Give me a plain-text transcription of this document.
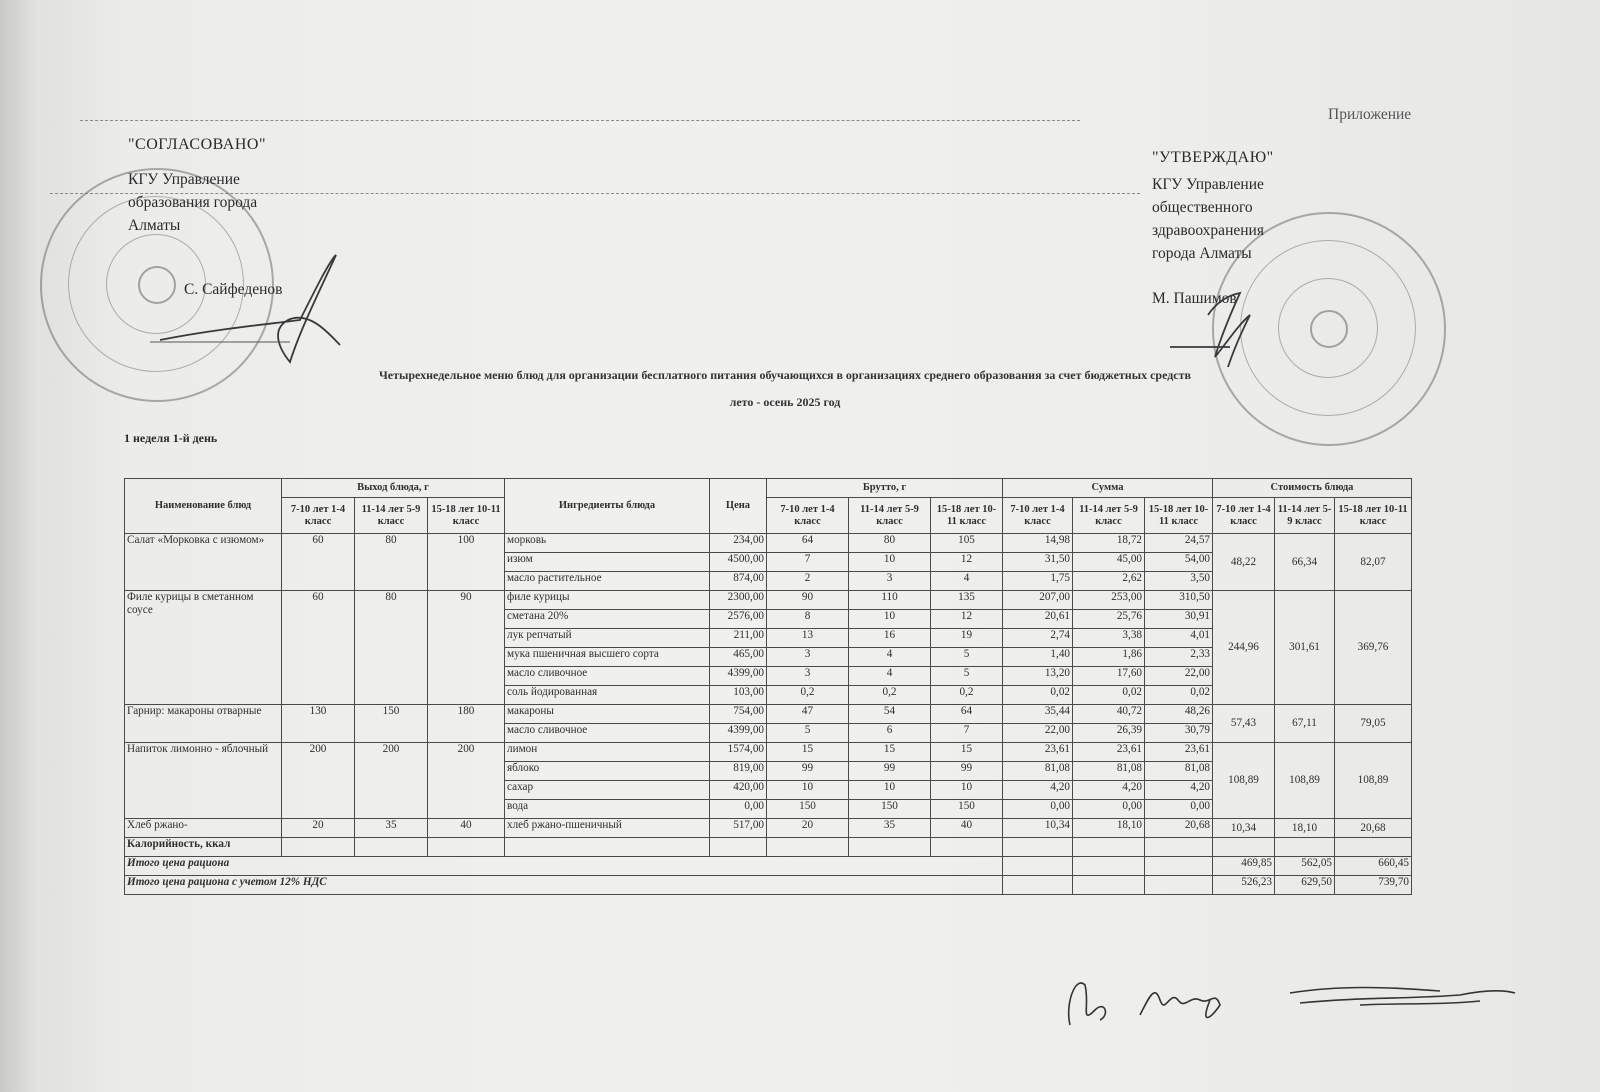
Приложение
"СОГЛАСОВАНО"
КГУ Управление
образования города
Алматы
С. Сайфеденов
"УТВЕРЖДАЮ"
КГУ Управление
общественного
здравоохранения
города Алматы
М. Пашимов
Четырехнедельное меню блюд для организации бесплатного питания обучающихся в организациях среднего образования за счет бюджетных средств
лето - осень 2025 год
1 неделя 1-й день
Наименование блюд	Выход блюда, г			Ингредиенты блюда	Цена	Брутто, г			Сумма			Стоимость блюда		
	7-10 лет 1-4 класс	11-14 лет 5-9 класс	15-18 лет 10-11 класс			7-10 лет 1-4 класс	11-14 лет 5-9 класс	15-18 лет 10-11 класс	7-10 лет 1-4 класс	11-14 лет 5-9 класс	15-18 лет 10-11 класс	7-10 лет 1-4 класс	11-14 лет 5-9 класс	15-18 лет 10-11 класс
Салат «Морковка с изюмом»	60	80	100	морковь	234,00	64	80	105	14,98	18,72	24,57	48,22	66,34	82,07
				изюм	4500,00	7	10	12	31,50	45,00	54,00			
				масло растительное	874,00	2	3	4	1,75	2,62	3,50			
Филе курицы в сметанном соусе	60	80	90	филе курицы	2300,00	90	110	135	207,00	253,00	310,50	244,96	301,61	369,76
				сметана 20%	2576,00	8	10	12	20,61	25,76	30,91			
				лук репчатый	211,00	13	16	19	2,74	3,38	4,01			
				мука пшеничная высшего сорта	465,00	3	4	5	1,40	1,86	2,33			
				масло сливочное	4399,00	3	4	5	13,20	17,60	22,00			
				соль йодированная	103,00	0,2	0,2	0,2	0,02	0,02	0,02			
Гарнир: макароны отварные	130	150	180	макароны	754,00	47	54	64	35,44	40,72	48,26	57,43	67,11	79,05
				масло сливочное	4399,00	5	6	7	22,00	26,39	30,79			
Напиток лимонно - яблочный	200	200	200	лимон	1574,00	15	15	15	23,61	23,61	23,61	108,89	108,89	108,89
				яблоко	819,00	99	99	99	81,08	81,08	81,08			
				сахар	420,00	10	10	10	4,20	4,20	4,20			
				вода	0,00	150	150	150	0,00	0,00	0,00			
Хлеб ржано-	20	35	40	хлеб ржано-пшеничный	517,00	20	35	40	10,34	18,10	20,68	10,34	18,10	20,68
Калорийность, ккал														
Итого цена рациона												469,85	562,05	660,45
Итого цена рациона с учетом 12% НДС												526,23	629,50	739,70
